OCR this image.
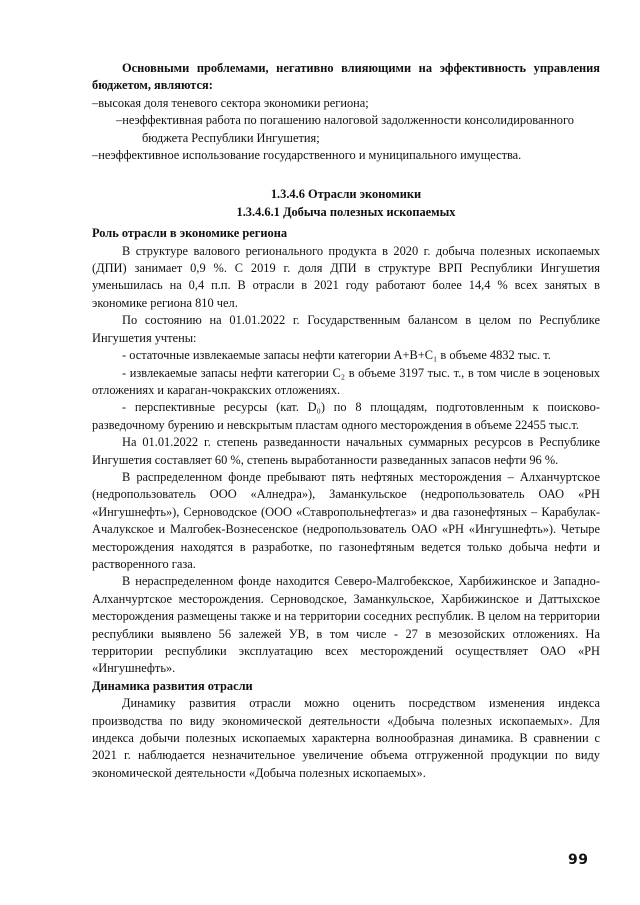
Основными проблемами, негативно влияющими на эффективность управления бюджетом, являются:

–высокая доля теневого сектора экономики региона;

–неэффективная работа по погашению налоговой задолженности консолидированного бюджета Республики Ингушетия;

–неэффективное использование государственного и муниципального имущества.

1.3.4.6 Отрасли экономики

1.3.4.6.1 Добыча полезных ископаемых

Роль отрасли в экономике региона

В структуре валового регионального продукта в 2020 г. добыча полезных ископаемых (ДПИ) занимает 0,9 %. С 2019 г. доля ДПИ в структуре ВРП Республики Ингушетия уменьшилась на 0,4 п.п. В отрасли в 2021 году работают более 14,4 % всех занятых в экономике региона 810 чел.

По состоянию на 01.01.2022 г. Государственным балансом в целом по Республике Ингушетия учтены:

- остаточные извлекаемые запасы нефти категории А+В+С₁ в объеме 4832 тыс. т.

- извлекаемые запасы нефти категории С₂ в объеме 3197 тыс. т., в том числе в эоценовых отложениях и караган-чокракских отложениях.

- перспективные ресурсы (кат. D₀) по 8 площадям, подготовленным к поисково-разведочному бурению и невскрытым пластам одного месторождения в объеме 22455 тыс.т.

На 01.01.2022 г. степень разведанности начальных суммарных ресурсов в Республике Ингушетия составляет 60 %, степень выработанности разведанных запасов нефти 96 %.

В распределенном фонде пребывают пять нефтяных месторождения – Алханчуртское (недропользователь ООО «Алнедра»), Заманкульское (недропользователь ОАО «РН «Ингушнефть»), Серноводское (ООО «Ставропольнефтегаз» и два газонефтяных – Карабулак-Ачалукское и Малгобек-Вознесенское (недропользователь ОАО «РН «Ингушнефть»). Четыре месторождения находятся в разработке, по газонефтяным ведется только добыча нефти и растворенного газа.

В нераспределенном фонде находится Северо-Малгобекское, Харбижинское и Западно-Алханчуртское месторождения. Серноводское, Заманкульское, Харбижинское и Даттыхское месторождения размещены также и на территории соседних республик. В целом на территории республики выявлено 56 залежей УВ, в том числе - 27 в мезозойских отложениях. На территории республики эксплуатацию всех месторождений осуществляет ОАО «РН «Ингушнефть».

Динамика развития отрасли

Динамику развития отрасли можно оценить посредством изменения индекса производства по виду экономической деятельности «Добыча полезных ископаемых». Для индекса добычи полезных ископаемых характерна волнообразная динамика. В сравнении с 2021 г. наблюдается незначительное увеличение объема отгруженной продукции по виду экономической деятельности «Добыча полезных ископаемых».

99
